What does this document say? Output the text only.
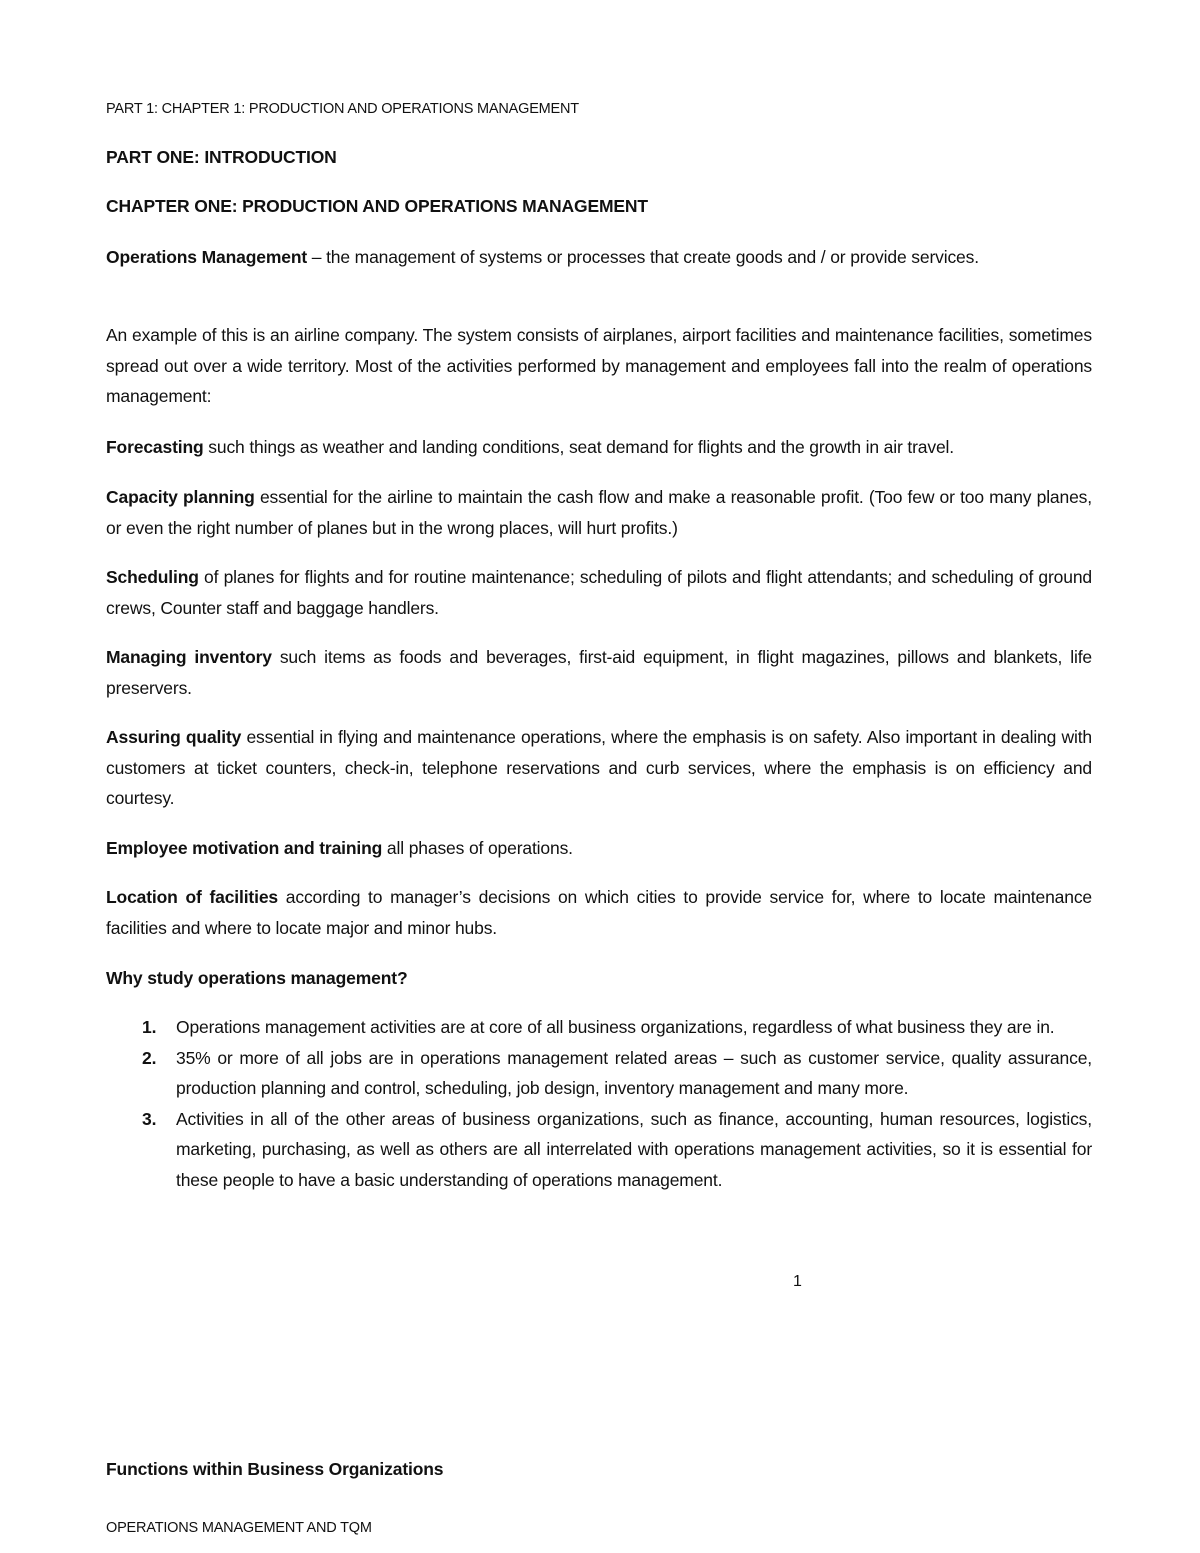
PART 1: CHAPTER 1: PRODUCTION AND OPERATIONS MANAGEMENT
PART ONE: INTRODUCTION
CHAPTER ONE: PRODUCTION AND OPERATIONS MANAGEMENT
Operations Management – the management of systems or processes that create goods and / or provide services.
An example of this is an airline company. The system consists of airplanes, airport facilities and maintenance facilities, sometimes spread out over a wide territory. Most of the activities performed by management and employees fall into the realm of operations management:
Forecasting such things as weather and landing conditions, seat demand for flights and the growth in air travel.
Capacity planning essential for the airline to maintain the cash flow and make a reasonable profit. (Too few or too many planes, or even the right number of planes but in the wrong places, will hurt profits.)
Scheduling of planes for flights and for routine maintenance; scheduling of pilots and flight attendants; and scheduling of ground crews, Counter staff and baggage handlers.
Managing inventory such items as foods and beverages, first-aid equipment, in flight magazines, pillows and blankets, life preservers.
Assuring quality essential in flying and maintenance operations, where the emphasis is on safety. Also important in dealing with customers at ticket counters, check-in, telephone reservations and curb services, where the emphasis is on efficiency and courtesy.
Employee motivation and training all phases of operations.
Location of facilities according to manager’s decisions on which cities to provide service for, where to locate maintenance facilities and where to locate major and minor hubs.
Why study operations management?
1. Operations management activities are at core of all business organizations, regardless of what business they are in.
2. 35% or more of all jobs are in operations management related areas – such as customer service, quality assurance, production planning and control, scheduling, job design, inventory management and many more.
3. Activities in all of the other areas of business organizations, such as finance, accounting, human resources, logistics, marketing, purchasing, as well as others are all interrelated with operations management activities, so it is essential for these people to have a basic understanding of operations management.
1
Functions within Business Organizations
OPERATIONS MANAGEMENT AND TQM
